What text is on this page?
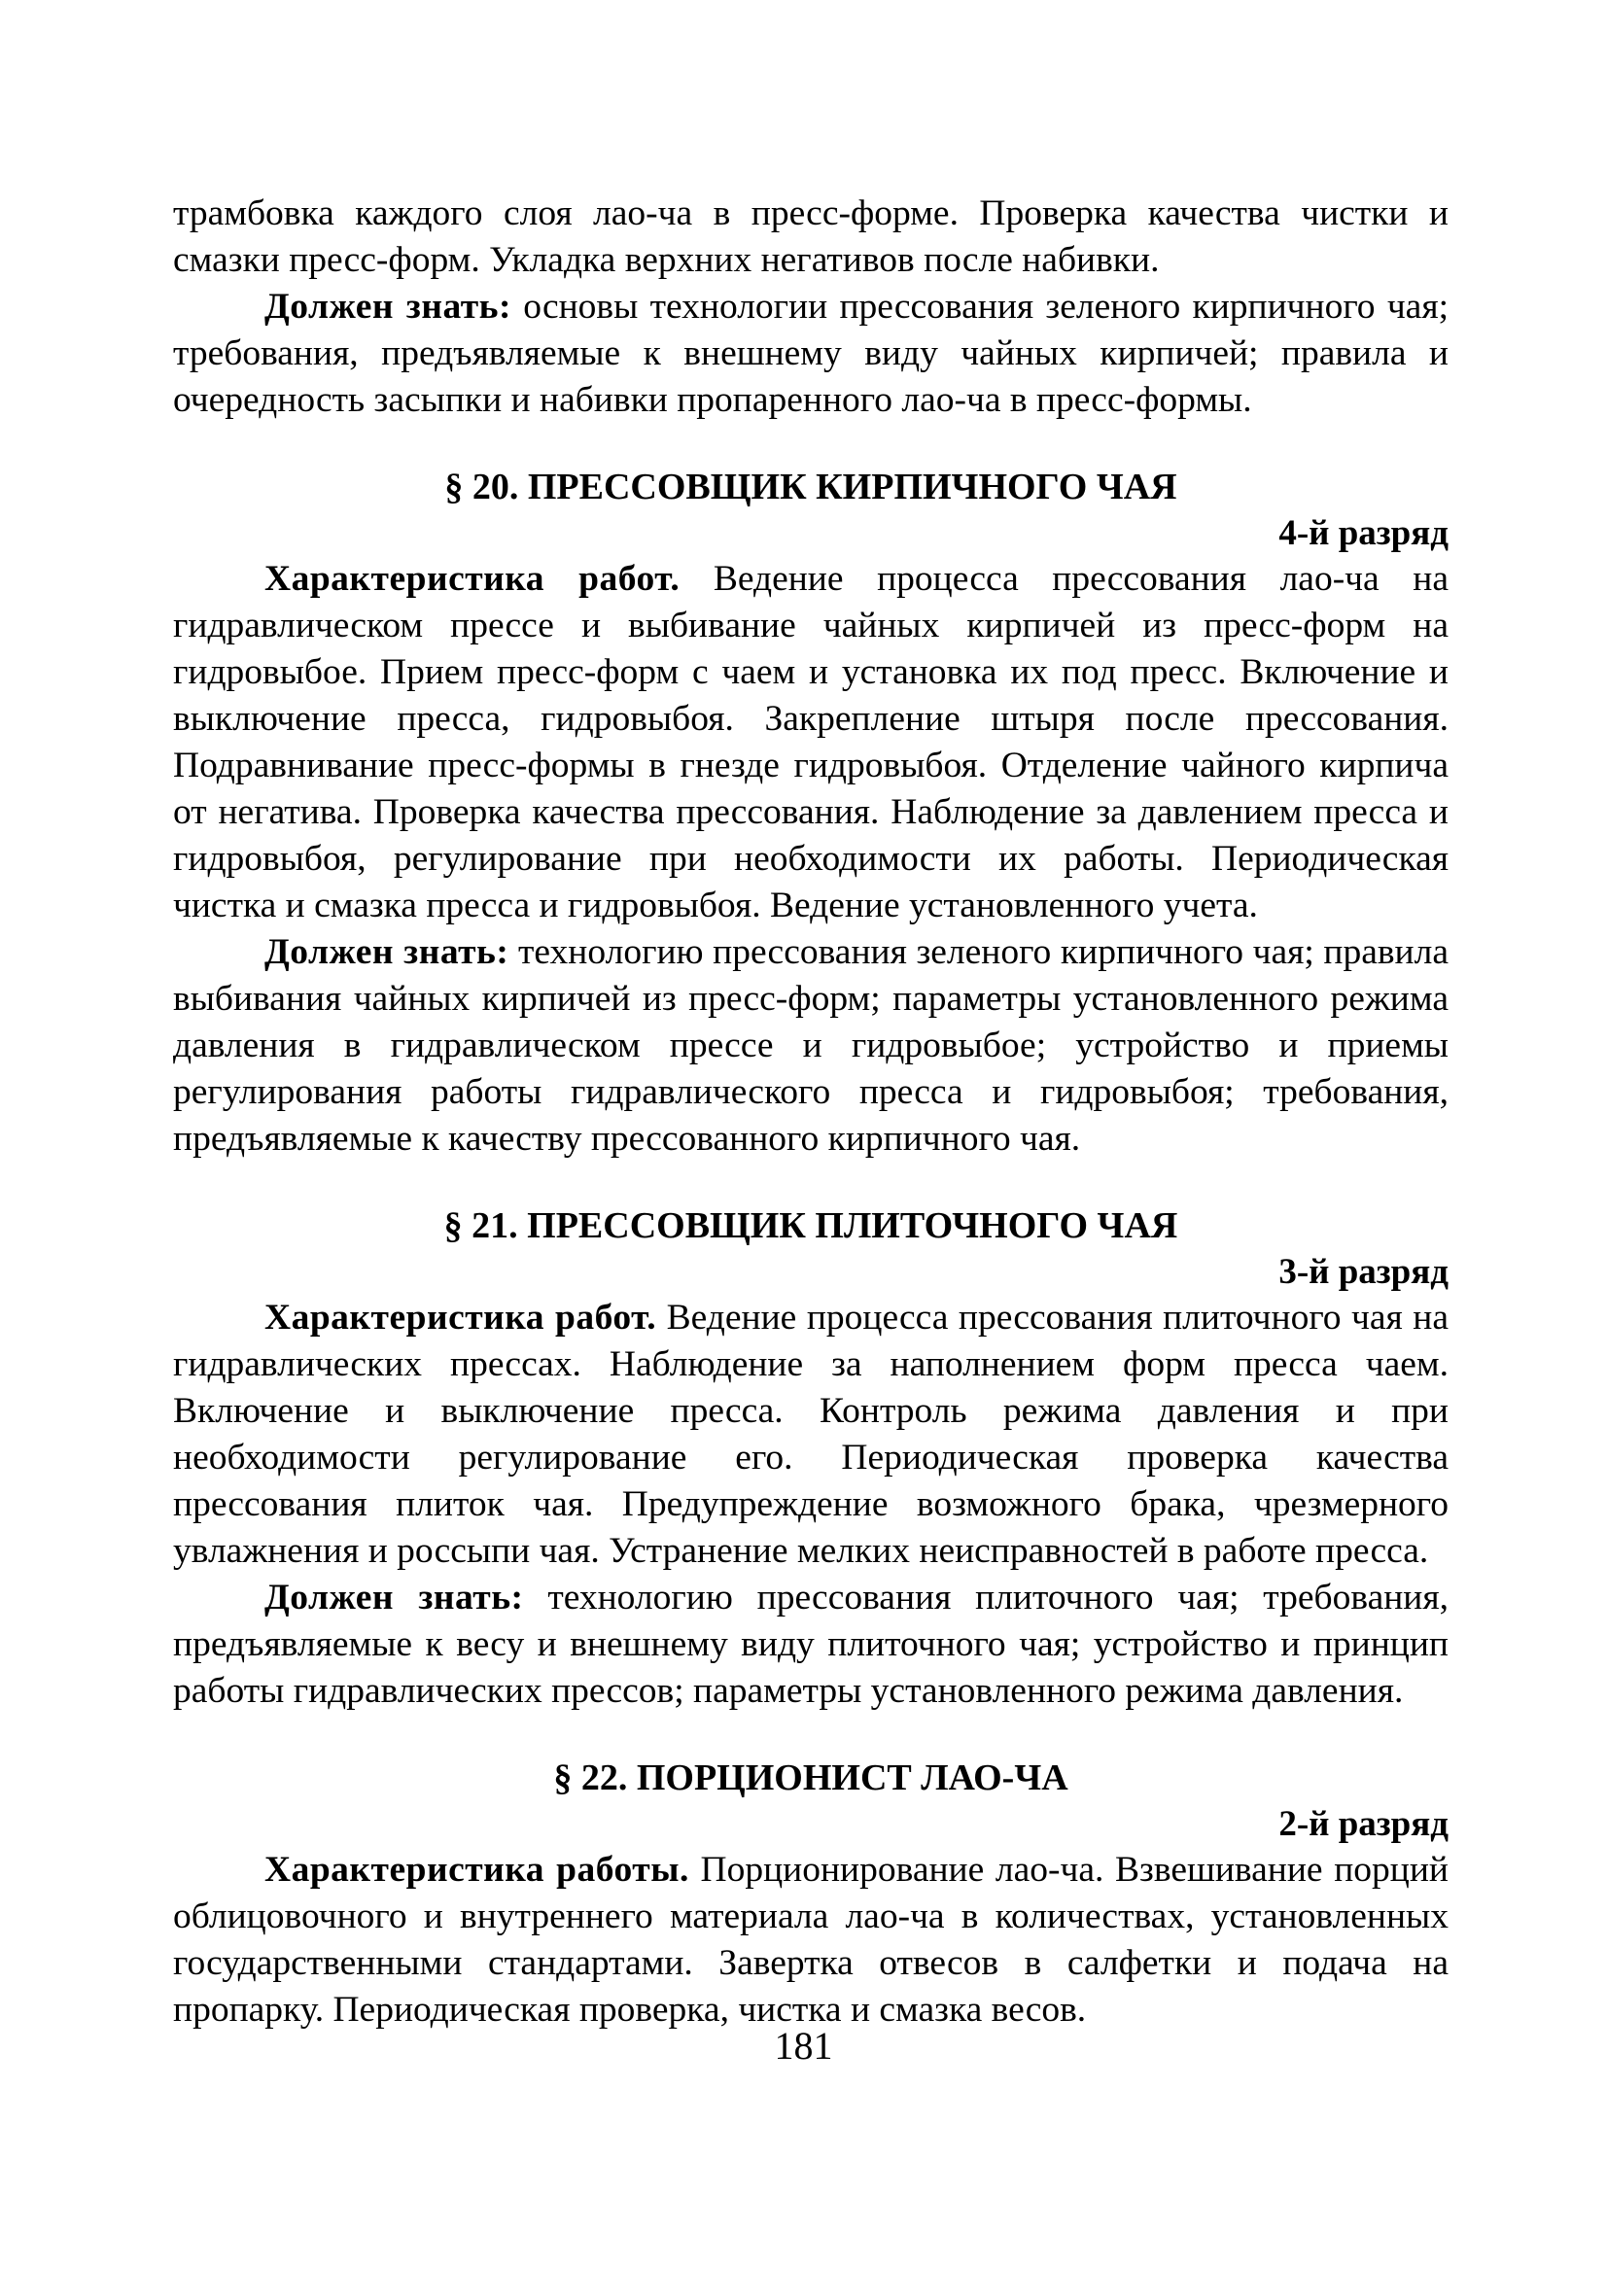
трамбовка каждого слоя лао-ча в пресс-форме. Проверка качества чистки и смазки пресс-форм. Укладка верхних негативов после набивки.

Должен знать: основы технологии прессования зеленого кирпичного чая; требования, предъявляемые к внешнему виду чайных кирпичей; правила и очередность засыпки и набивки пропаренного лао-ча в пресс-формы.

§ 20. ПРЕССОВЩИК КИРПИЧНОГО ЧАЯ
4-й разряд

Характеристика работ. Ведение процесса прессования лао-ча на гидравлическом прессе и выбивание чайных кирпичей из пресс-форм на гидровыбое. Прием пресс-форм с чаем и установка их под пресс. Включение и выключение пресса, гидровыбоя. Закрепление штыря после прессования. Подравнивание пресс-формы в гнезде гидровыбоя. Отделение чайного кирпича от негатива. Проверка качества прессования. Наблюдение за давлением пресса и гидровыбоя, регулирование при необходимости их работы. Периодическая чистка и смазка пресса и гидровыбоя. Ведение установленного учета.

Должен знать: технологию прессования зеленого кирпичного чая; правила выбивания чайных кирпичей из пресс-форм; параметры установленного режима давления в гидравлическом прессе и гидровыбое; устройство и приемы регулирования работы гидравлического пресса и гидровыбоя; требования, предъявляемые к качеству прессованного кирпичного чая.

§ 21. ПРЕССОВЩИК ПЛИТОЧНОГО ЧАЯ
3-й разряд

Характеристика работ. Ведение процесса прессования плиточного чая на гидравлических прессах. Наблюдение за наполнением форм пресса чаем. Включение и выключение пресса. Контроль режима давления и при необходимости регулирование его. Периодическая проверка качества прессования плиток чая. Предупреждение возможного брака, чрезмерного увлажнения и россыпи чая. Устранение мелких неисправностей в работе пресса.

Должен знать: технологию прессования плиточного чая; требования, предъявляемые к весу и внешнему виду плиточного чая; устройство и принцип работы гидравлических прессов; параметры установленного режима давления.

§ 22. ПОРЦИОНИСТ ЛАО-ЧА
2-й разряд

Характеристика работы. Порционирование лао-ча. Взвешивание порций облицовочного и внутреннего материала лао-ча в количествах, установленных государственными стандартами. Завертка отвесов в салфетки и подача на пропарку. Периодическая проверка, чистка и смазка весов.

181
